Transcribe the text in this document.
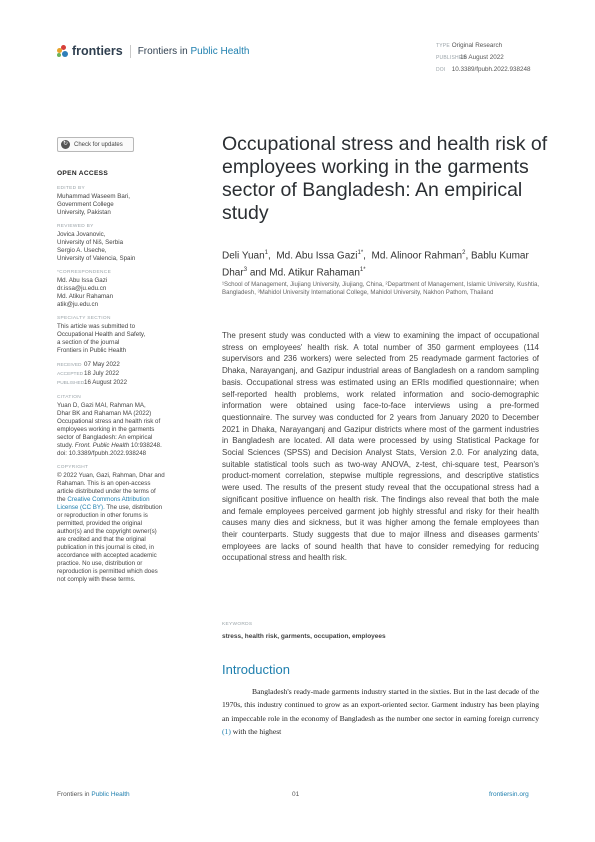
frontiers Frontiers in Public Health	TYPE Original Research
PUBLISHED16 August 2022
DOI 10.3389/fpubh.2022.938248
↻ Check for updates
OPEN ACCESS
EDITED BY
Muhammad Waseem Bari,
Government College
University, Pakistan
REVIEWED BY
Jovica Jovanovic,
University of Niš, Serbia
Sergio A. Useche,
University of Valencia, Spain
*CORRESPONDENCE
Md. Abu Issa Gazi
dr.issa@ju.edu.cn
Md. Atikur Rahaman
atik@ju.edu.cn
SPECIALTY SECTION
This article was submitted to
Occupational Health and Safety,
a section of the journal
Frontiers in Public Health
RECEIVED 07 May 2022
ACCEPTED18 July 2022
PUBLISHED16 August 2022
CITATION
Yuan D, Gazi MAI, Rahman MA,
Dhar BK and Rahaman MA (2022)
Occupational stress and health risk of
employees working in the garments
sector of Bangladesh: An empirical
study. Front. Public Health 10:938248.
doi: 10.3389/fpubh.2022.938248
COPYRIGHT
© 2022 Yuan, Gazi, Rahman, Dhar and
Rahaman. This is an open-access
article distributed under the terms of
the Creative Commons Attribution
License (CC BY). The use, distribution
or reproduction in other forums is
permitted, provided the original
author(s) and the copyright owner(s)
are credited and that the original
publication in this journal is cited, in
accordance with accepted academic
practice. No use, distribution or
reproduction is permitted which does
not comply with these terms.
Occupational stress and health risk of employees working in the garments sector of Bangladesh: An empirical study
Deli Yuan$^1$,  Md. Abu Issa Gazi$^{1*}$,  Md. Alinoor Rahman$^2$, Bablu Kumar Dhar$^3$ and Md. Atikur Rahaman$^{1*}$
¹School of Management, Jiujiang University, Jiujiang, China, ²Department of Management, Islamic University, Kushtia, Bangladesh, ³Mahidol University International College, Mahidol University, Nakhon Pathom, Thailand
The present study was conducted with a view to examining the impact of occupational stress on employees' health risk. A total number of 350 garment employees (114 supervisors and 236 workers) were selected from 25 readymade garment factories of Dhaka, Narayanganj, and Gazipur industrial areas of Bangladesh on a random sampling basis. Occupational stress was estimated using an ERIs modified questionnaire; when self-reported health problems, work related information and socio-demographic information were obtained using face-to-face interviews using a pre-formed questionnaire. The survey was conducted for 2 years from January 2020 to December 2021 in Dhaka, Narayanganj and Gazipur districts where most of the garment industries in Bangladesh are located. All data were processed by using Statistical Package for Social Sciences (SPSS) and Decision Analyst Stats, Version 2.0. For analyzing data, suitable statistical tools such as two-way ANOVA, z-test, chi-square test, Pearson's product-moment correlation, stepwise multiple regressions, and descriptive statistics were used. The results of the present study reveal that the occupational stress had a significant positive influence on health risk. The findings also reveal that both the male and female employees perceived garment job highly stressful and risky for their health causes many dies and sickness, but it was higher among the female employees than their counterparts. Study suggests that due to major illness and diseases garments' employees are lacks of sound health that have to consider remedying for reducing occupational stress and health risk.
KEYWORDS
stress, health risk, garments, occupation, employees
Introduction
Bangladesh's ready-made garments industry started in the sixties. But in the last decade of the 1970s, this industry continued to grow as an export-oriented sector. Garment industry has been playing an impeccable role in the economy of Bangladesh as the number one sector in earning foreign currency (1) with the highest
Frontiers in Public Health	01	frontiersin.org
